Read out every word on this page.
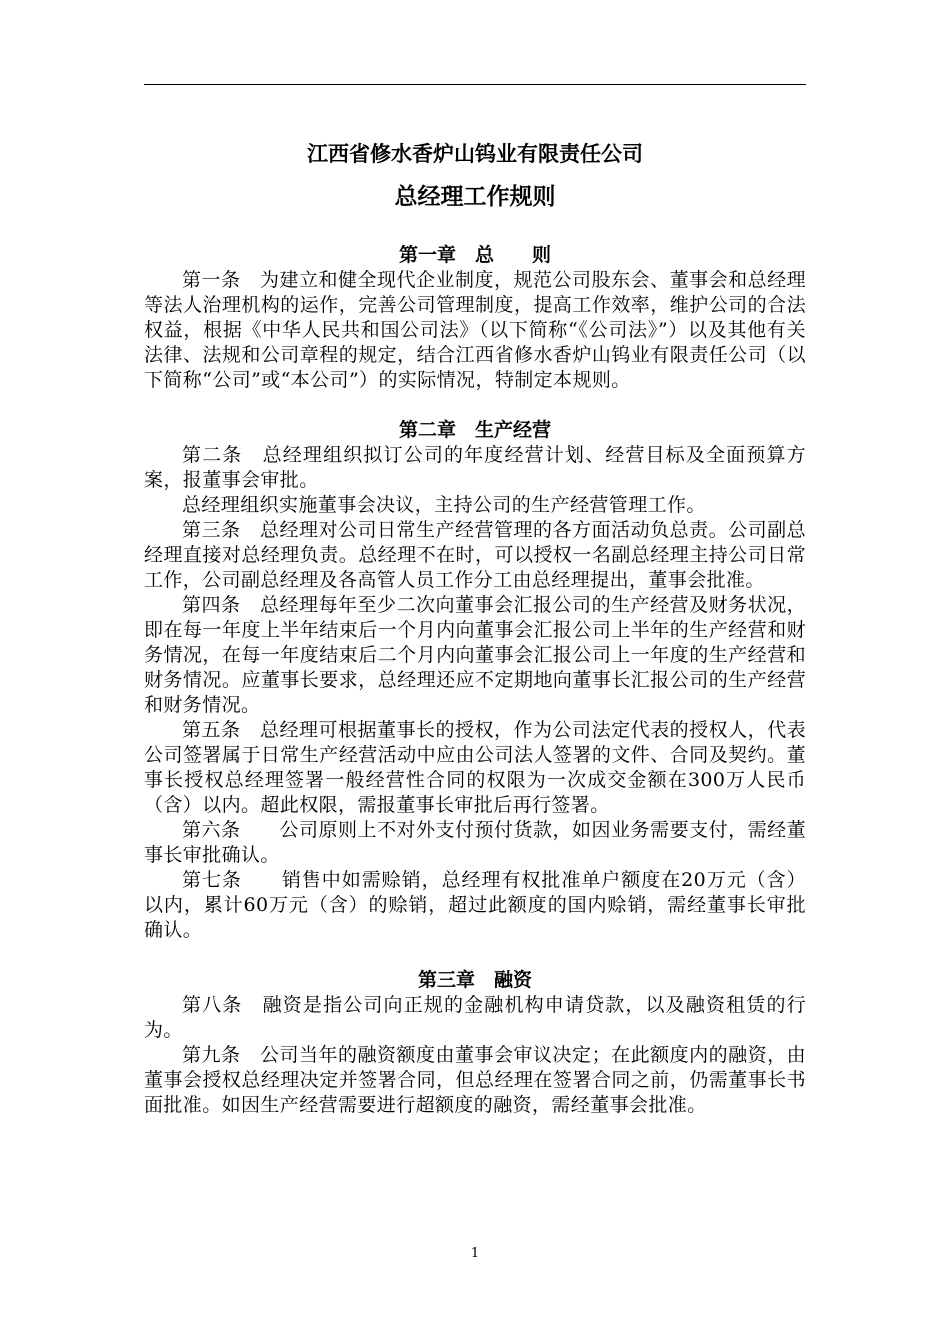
江西省修水香炉山钨业有限责任公司
总经理工作规则
第一章　总　　则

第一条　为建立和健全现代企业制度，规范公司股东会、董事会和总经理等法人治理机构的运作，完善公司管理制度，提高工作效率，维护公司的合法权益，根据《中华人民共和国公司法》（以下简称“《公司法》”）以及其他有关法律、法规和公司章程的规定，结合江西省修水香炉山钨业有限责任公司（以下简称“公司”或“本公司”）的实际情况，特制定本规则。

第二章　生产经营

第二条　总经理组织拟订公司的年度经营计划、经营目标及全面预算方案，报董事会审批。

总经理组织实施董事会决议，主持公司的生产经营管理工作。

第三条　总经理对公司日常生产经营管理的各方面活动负总责。公司副总经理直接对总经理负责。总经理不在时，可以授权一名副总经理主持公司日常工作，公司副总经理及各高管人员工作分工由总经理提出，董事会批准。

第四条　总经理每年至少二次向董事会汇报公司的生产经营及财务状况，即在每一年度上半年结束后一个月内向董事会汇报公司上半年的生产经营和财务情况，在每一年度结束后二个月内向董事会汇报公司上一年度的生产经营和财务情况。应董事长要求，总经理还应不定期地向董事长汇报公司的生产经营和财务情况。

第五条　总经理可根据董事长的授权，作为公司法定代表的授权人，代表公司签署属于日常生产经营活动中应由公司法人签署的文件、合同及契约。董事长授权总经理签署一般经营性合同的权限为一次成交金额在300万人民币（含）以内。超此权限，需报董事长审批后再行签署。

第六条　　公司原则上不对外支付预付货款，如因业务需要支付，需经董事长审批确认。

第七条　　销售中如需赊销，总经理有权批准单户额度在20万元（含）以内，累计60万元（含）的赊销，超过此额度的国内赊销，需经董事长审批确认。

第三章　融资

第八条　融资是指公司向正规的金融机构申请贷款，以及融资租赁的行为。

第九条　公司当年的融资额度由董事会审议决定；在此额度内的融资，由董事会授权总经理决定并签署合同，但总经理在签署合同之前，仍需董事长书面批准。如因生产经营需要进行超额度的融资，需经董事会批准。

1
